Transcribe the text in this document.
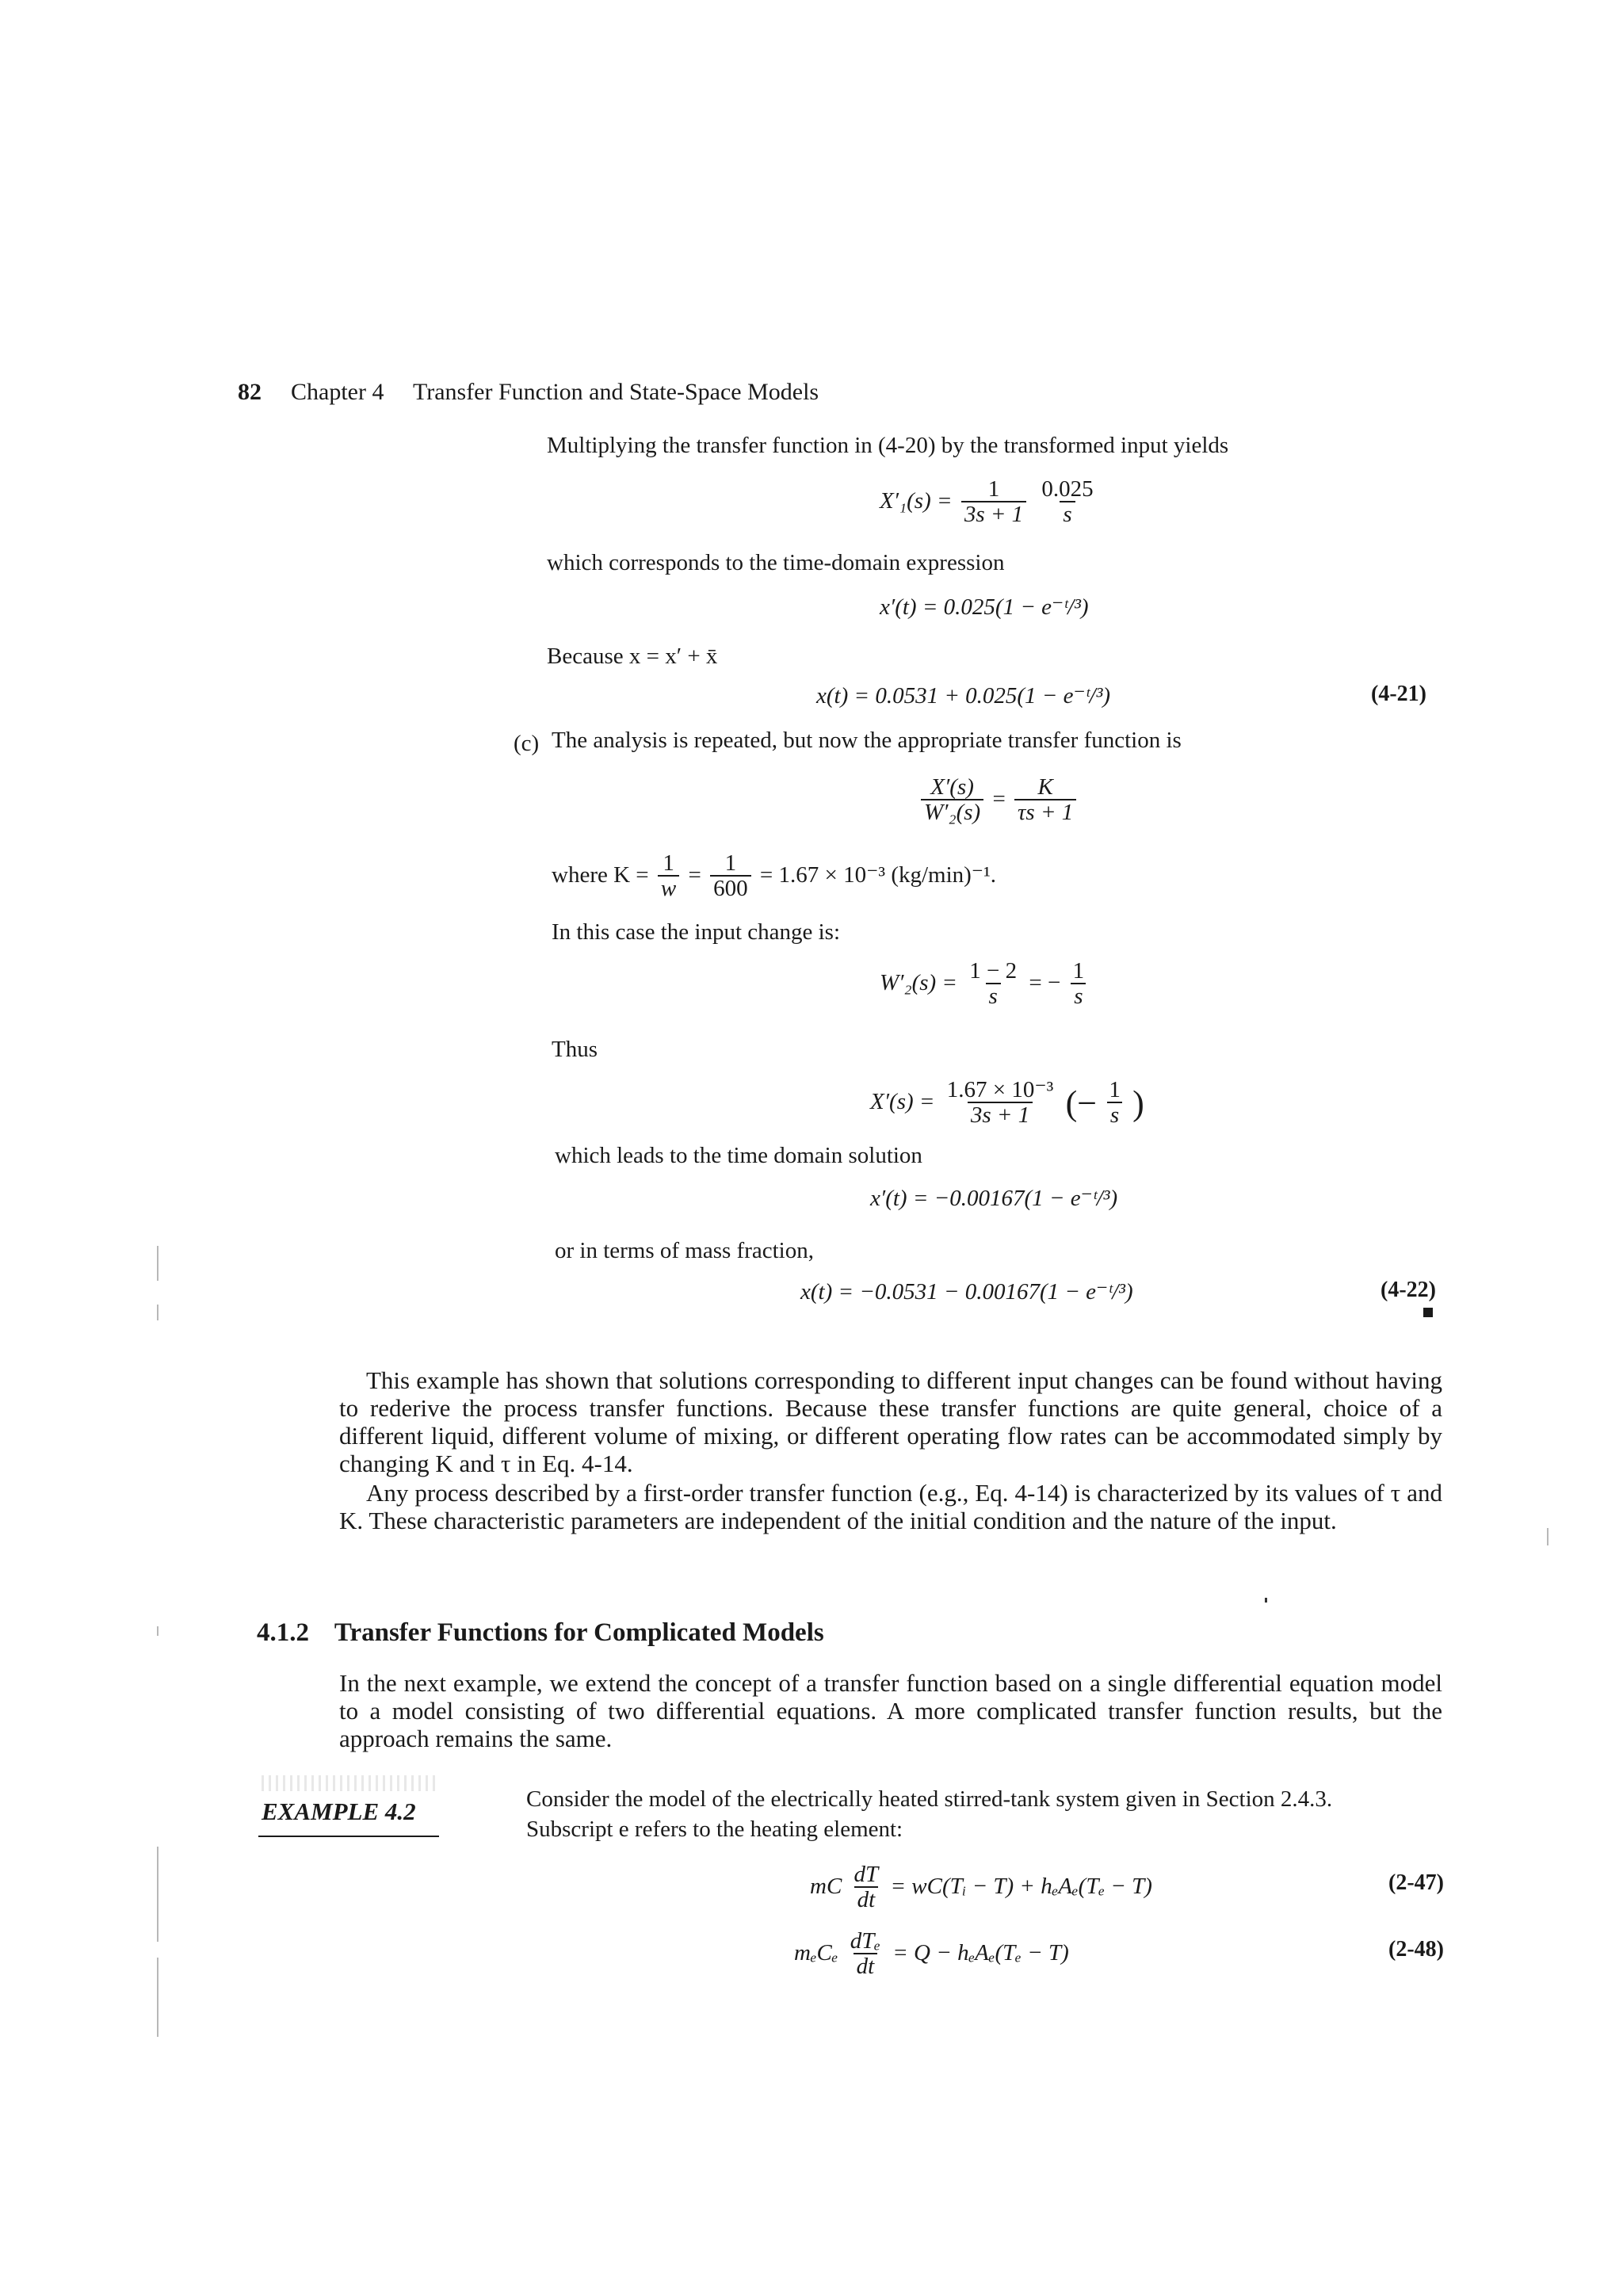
82 Chapter 4 Transfer Function and State-Space Models
Multiplying the transfer function in (4-20) by the transformed input yields
$X'_1(s) = \frac{1}{3s + 1}$
$\frac{0.025}{s}$
which corresponds to the time-domain expression
x′(t) = 0.025(1 − e⁻ᵗ/³)
Because x = x′ + x̄
x(t) = 0.0531 + 0.025(1 − e⁻ᵗ/³)	(4-21)
(c) The analysis is repeated, but now the appropriate transfer function is
$\frac{X'(s)}{\text{W′₂(s)}} = \frac{K}{\tau s + 1}$
where $K = \frac{1}{w} = \frac{1}{600} = 1.67 \times 10^{-3}$ (kg/min)⁻¹.
In this case the input change is:
$W'_2(s) = \frac{1 - 2}{s}$ = − $\frac{1}{s}$
Thus
$X'(s) = \frac{\text{1.67 × 10⁻³}}{3s + 1}$ (− $\frac{1}{s}$ )
which leads to the time domain solution
x′(t) = −0.00167(1 − e⁻ᵗ/³)
or in terms of mass fraction,
x(t) = −0.0531 − 0.00167(1 − e⁻ᵗ/³)	(4-22)
This example has shown that solutions corresponding to different input changes can be found without having to rederive the process transfer functions. Because these transfer functions are quite general, choice of a different liquid, different volume of mixing, or different operating flow rates can be accommodated simply by changing K and τ in Eq. 4-14.
Any process described by a first-order transfer function (e.g., Eq. 4-14) is characterized by its values of τ and K. These characteristic parameters are independent of the initial condition and the nature of the input.
4.1.2 Transfer Functions for Complicated Models
In the next example, we extend the concept of a transfer function based on a single differential equation model to a model consisting of two differential equations. A more complicated transfer function results, but the approach remains the same.
EXAMPLE 4.2	Consider the model of the electrically heated stirred-tank system given in Section 2.4.3.
Subscript e refers to the heating element:
mC $\frac{dT}{dt}$ = wC(Tᵢ − T) + hₑAₑ(Tₑ − T)	(2-47)
mₑCₑ $\frac{\text{dTₑ}}{dt} = Q - h_eA_e(T_e - T)$	(2-48)
